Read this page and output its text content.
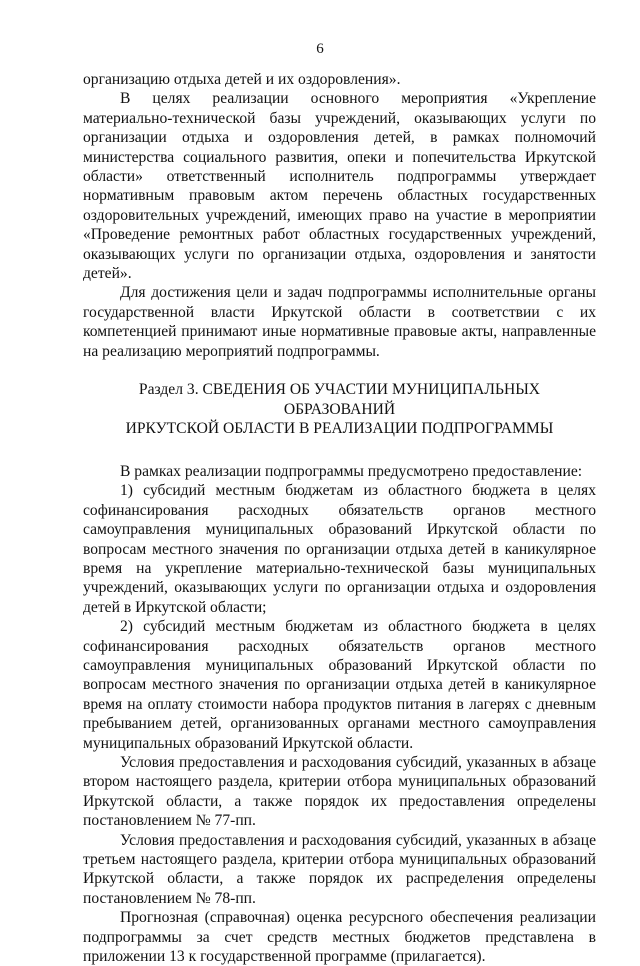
6

организацию отдыха детей и их оздоровления».

В целях реализации основного мероприятия «Укрепление материально-технической базы учреждений, оказывающих услуги по организации отдыха и оздоровления детей, в рамках полномочий министерства социального развития, опеки и попечительства Иркутской области» ответственный исполнитель подпрограммы утверждает нормативным правовым актом перечень областных государственных оздоровительных учреждений, имеющих право на участие в мероприятии «Проведение ремонтных работ областных государственных учреждений, оказывающих услуги по организации отдыха, оздоровления и занятости детей».

Для достижения цели и задач подпрограммы исполнительные органы государственной власти Иркутской области в соответствии с их компетенцией принимают иные нормативные правовые акты, направленные на реализацию мероприятий подпрограммы.

Раздел 3. СВЕДЕНИЯ ОБ УЧАСТИИ МУНИЦИПАЛЬНЫХ ОБРАЗОВАНИЙ
ИРКУТСКОЙ ОБЛАСТИ В РЕАЛИЗАЦИИ ПОДПРОГРАММЫ

В рамках реализации подпрограммы предусмотрено предоставление:

1) субсидий местным бюджетам из областного бюджета в целях софинансирования расходных обязательств органов местного самоуправления муниципальных образований Иркутской области по вопросам местного значения по организации отдыха детей в каникулярное время на укрепление материально-технической базы муниципальных учреждений, оказывающих услуги по организации отдыха и оздоровления детей в Иркутской области;

2) субсидий местным бюджетам из областного бюджета в целях софинансирования расходных обязательств органов местного самоуправления муниципальных образований Иркутской области по вопросам местного значения по организации отдыха детей в каникулярное время на оплату стоимости набора продуктов питания в лагерях с дневным пребыванием детей, организованных органами местного самоуправления муниципальных образований Иркутской области.

Условия предоставления и расходования субсидий, указанных в абзаце втором настоящего раздела, критерии отбора муниципальных образований Иркутской области, а также порядок их предоставления определены постановлением № 77-пп.

Условия предоставления и расходования субсидий, указанных в абзаце третьем настоящего раздела, критерии отбора муниципальных образований Иркутской области, а также порядок их распределения определены постановлением № 78-пп.

Прогнозная (справочная) оценка ресурсного обеспечения реализации подпрограммы за счет средств местных бюджетов представлена в приложении 13 к государственной программе (прилагается).
